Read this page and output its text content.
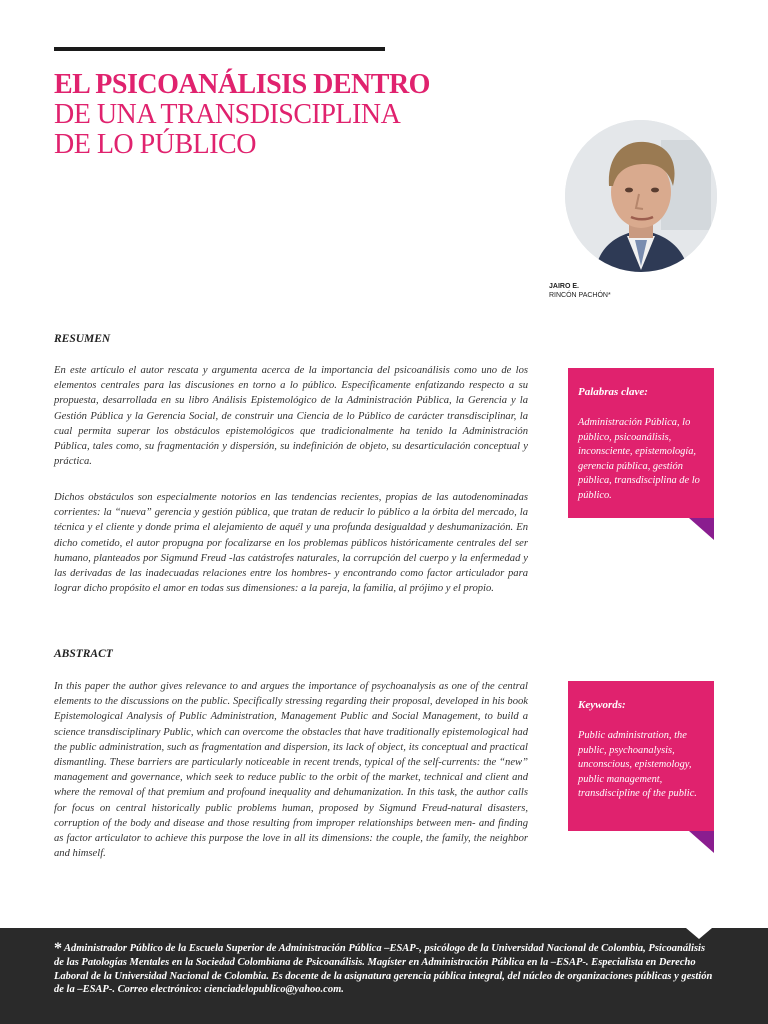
EL PSICOANÁLISIS DENTRO
DE UNA TRANSDISCIPLINA
DE LO PÚBLICO
JAIRO E.
RINCÓN PACHÓN*
RESUMEN

En este artículo el autor rescata y argumenta acerca de la importancia del psicoanálisis como uno de los elementos centrales para las discusiones en torno a lo público. Específicamente enfatizando respecto a su propuesta, desarrollada en su libro Análisis Epistemológico de la Administración Pública, la Gerencia y la Gestión Pública y la Gerencia Social, de construir una Ciencia de lo Público de carácter transdisciplinar, la cual permita superar los obstáculos epistemológicos que tradicionalmente ha tenido la Administración Pública, tales como, su fragmentación y dispersión, su indefinición de objeto, su desarticulación conceptual y práctica.

Dichos obstáculos son especialmente notorios en las tendencias recientes, propias de las autodenominadas corrientes: la “nueva” gerencia y gestión pública, que tratan de reducir lo público a la órbita del mercado, la técnica y el cliente y donde prima el alejamiento de aquél y una profunda desigualdad y deshumanización. En dicho cometido, el autor propugna por focalizarse en los problemas públicos históricamente centrales del ser humano, planteados por Sigmund Freud -las catástrofes naturales, la corrupción del cuerpo y la enfermedad y las derivadas de las inadecuadas relaciones entre los hombres- y encontrando como factor articulador para lograr dicho propósito el amor en todas sus dimensiones: a la pareja, la familia, al prójimo y el propio.

ABSTRACT

In this paper the author gives relevance to and argues the importance of psychoanalysis as one of the central elements to the discussions on the public. Specifically stressing regarding their proposal, developed in his book Epistemological Analysis of Public Administration, Management Public and Social Management, to build a science transdisciplinary Public, which can overcome the obstacles that have traditionally epistemological had the public administration, such as fragmentation and dispersion, its lack of object, its conceptual and practical dismantling. These barriers are particularly noticeable in recent trends, typical of the self-currents: the “new” management and governance, which seek to reduce public to the orbit of the market, technical and client and where the removal of that premium and profound inequality and dehumanization. In this task, the author calls for focus on central historically public problems human, proposed by Sigmund Freud-natural disasters, corruption of the body and disease and those resulting from improper relationships between men- and finding as factor articulator to achieve this purpose the love in all its dimensions: the couple, the family, the neighbor and himself.

Palabras clave:
Administración Pública, lo público, psicoanálisis, inconsciente, epistemología, gerencia pública, gestión pública, transdisciplina de lo público.
Keywords:
Public administration, the public, psychoanalysis, unconscious, epistemology, public management, transdiscipline of the public.

* Administrador Público de la Escuela Superior de Administración Pública –ESAP-, psicólogo de la Universidad Nacional de Colombia, Psicoanálisis de las Patologías Mentales en la Sociedad Colombiana de Psicoanálisis. Magíster en Administración Pública en la –ESAP-. Especialista en Derecho Laboral de la Universidad Nacional de Colombia. Es docente de la asignatura gerencia pública integral, del núcleo de organizaciones públicas y gestión de la –ESAP-. Correo electrónico: cienciadelopublico@yahoo.com.
